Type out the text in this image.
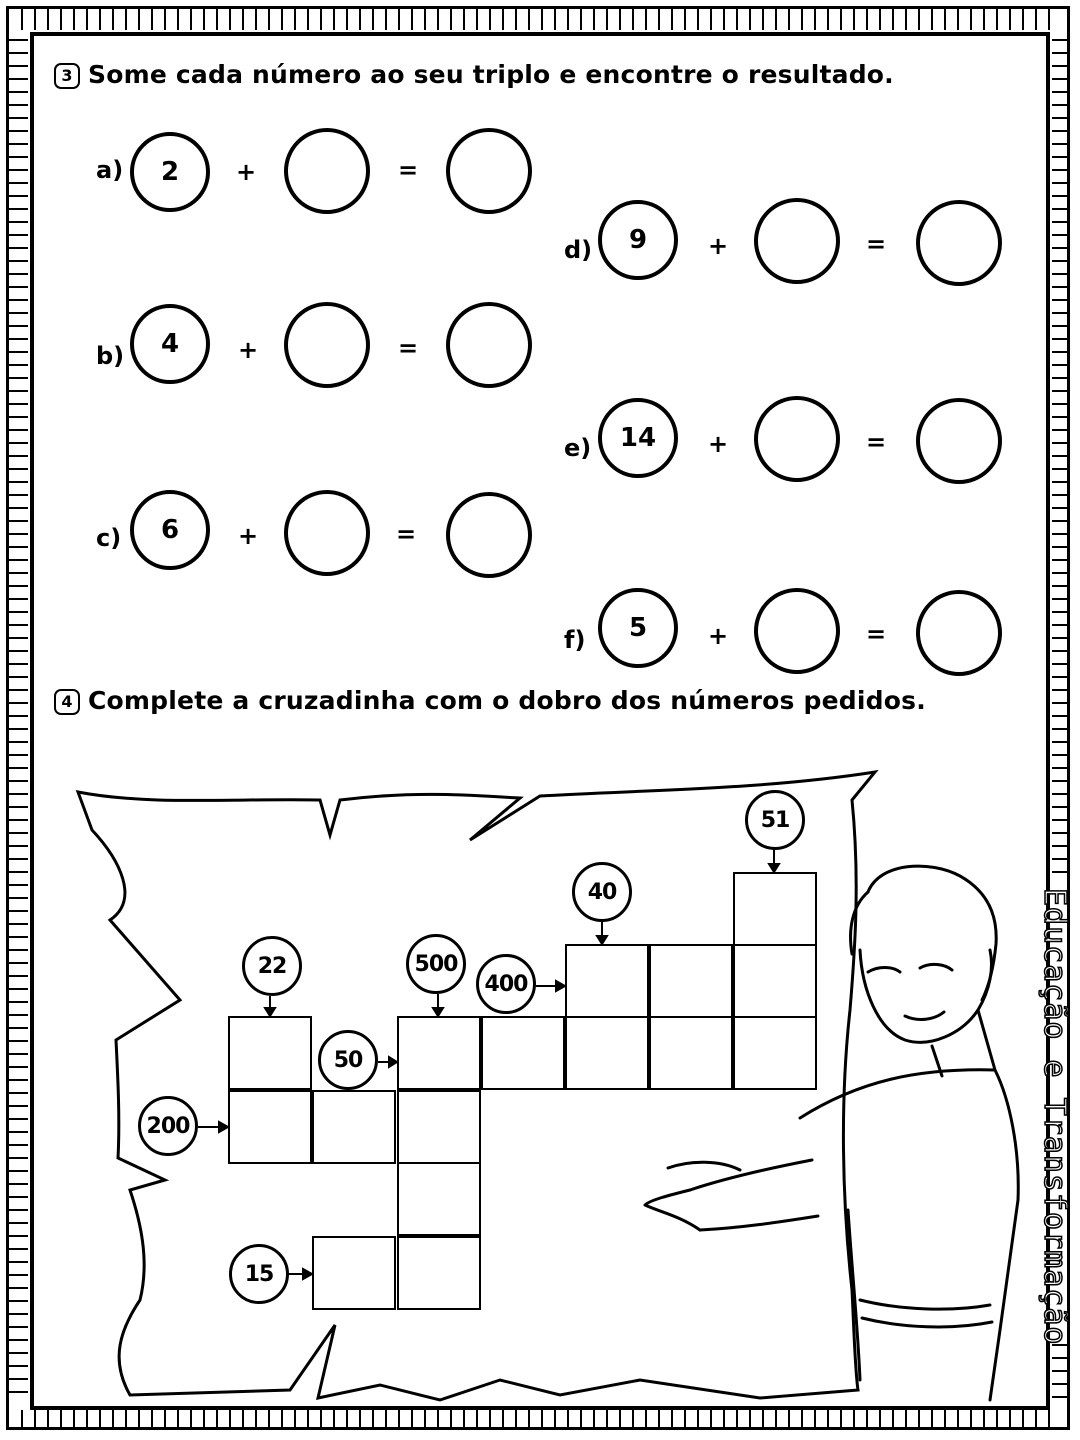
3 Some cada número ao seu triplo e encontre o resultado.
a)	2	+	=
b)	4	+	=
c)	6	+	=
d)	9	+	=
e)	14	+	=
f)	5	+	=
4 Complete a cruzadinha com o dobro dos números pedidos.
51
40
22	500
400
50
200
15	Educação e Transformação
